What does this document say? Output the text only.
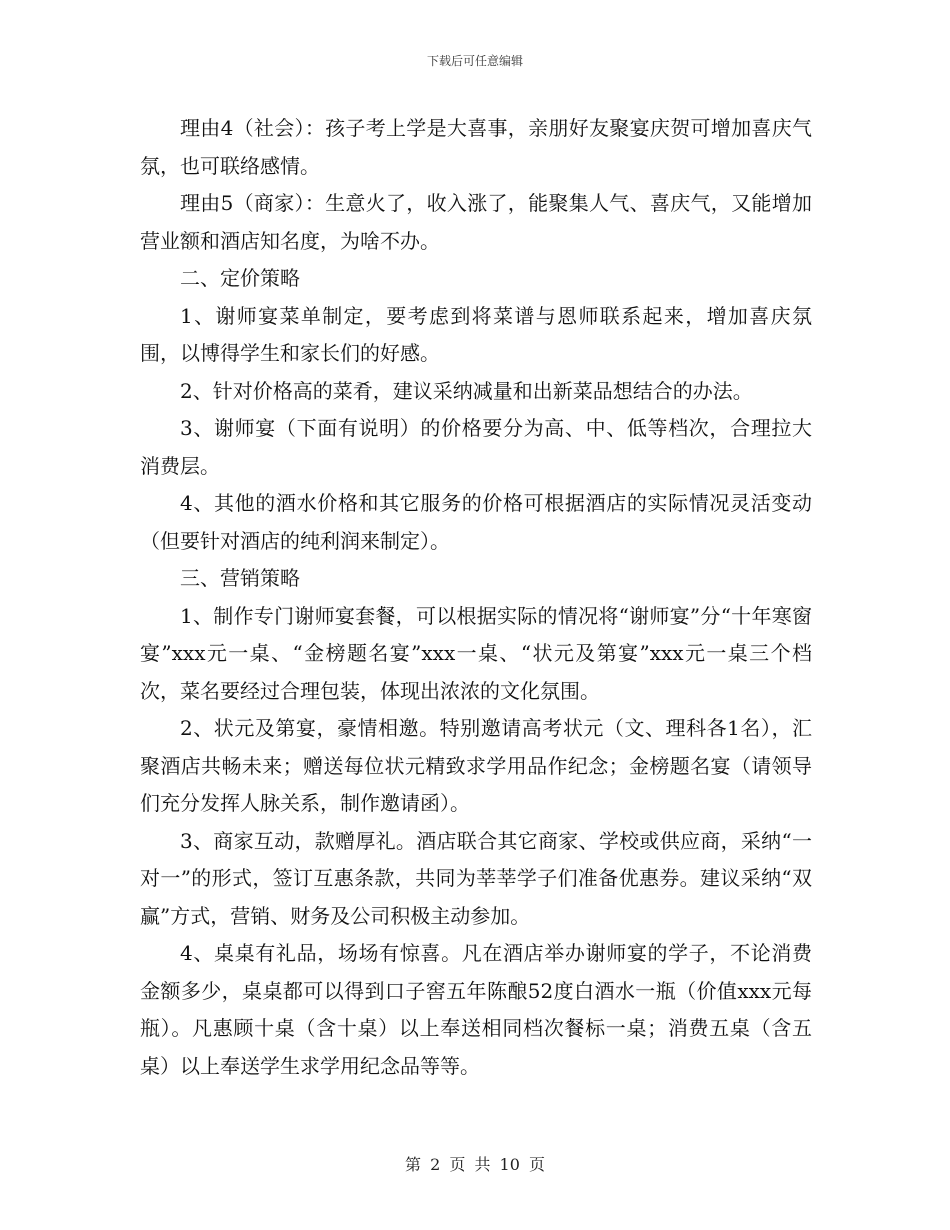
下载后可任意编辑

理由4（社会）：孩子考上学是大喜事，亲朋好友聚宴庆贺可增加喜庆气氛，也可联络感情。

理由5（商家）：生意火了，收入涨了，能聚集人气、喜庆气，又能增加营业额和酒店知名度，为啥不办。

二、定价策略

1、谢师宴菜单制定，要考虑到将菜谱与恩师联系起来，增加喜庆氛围，以博得学生和家长们的好感。

2、针对价格高的菜肴，建议采纳减量和出新菜品想结合的办法。

3、谢师宴（下面有说明）的价格要分为高、中、低等档次，合理拉大消费层。

4、其他的酒水价格和其它服务的价格可根据酒店的实际情况灵活变动（但要针对酒店的纯利润来制定）。

三、营销策略

1、制作专门谢师宴套餐，可以根据实际的情况将“谢师宴”分“十年寒窗宴”xxx元一桌、“金榜题名宴”xxx一桌、“状元及第宴”xxx元一桌三个档次，菜名要经过合理包装，体现出浓浓的文化氛围。

2、状元及第宴，豪情相邀。特别邀请高考状元（文、理科各1名），汇聚酒店共畅未来；赠送每位状元精致求学用品作纪念；金榜题名宴（请领导们充分发挥人脉关系，制作邀请函）。

3、商家互动，款赠厚礼。酒店联合其它商家、学校或供应商，采纳“一对一”的形式，签订互惠条款，共同为莘莘学子们准备优惠券。建议采纳“双赢”方式，营销、财务及公司积极主动参加。

4、桌桌有礼品，场场有惊喜。凡在酒店举办谢师宴的学子，不论消费金额多少，桌桌都可以得到口子窖五年陈酿52度白酒水一瓶（价值xxx元每瓶）。凡惠顾十桌（含十桌）以上奉送相同档次餐标一桌；消费五桌（含五桌）以上奉送学生求学用纪念品等等。

第 2 页 共 10 页
